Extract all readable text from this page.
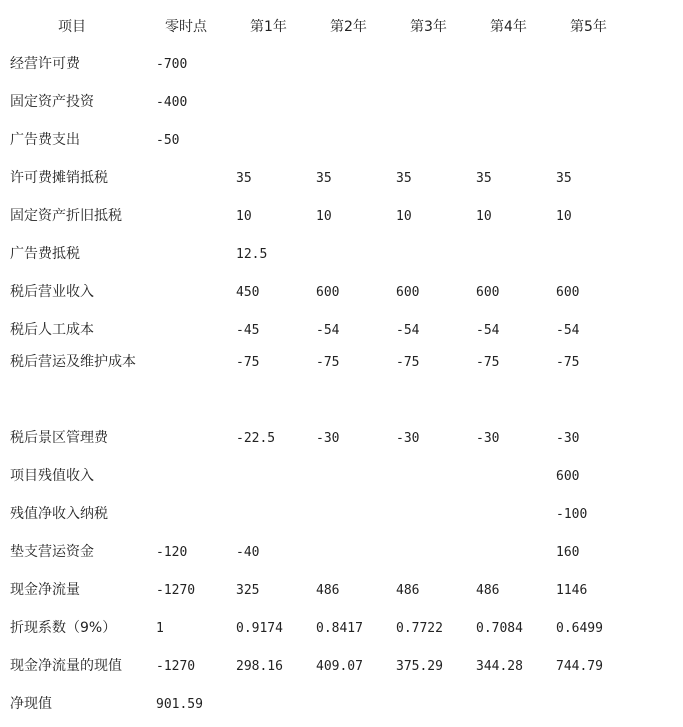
项目	零时点	第1年	第2年	第3年	第4年	第5年
经营许可费	-700					
固定资产投资	-400					
广告费支出	-50					
许可费摊销抵税		35	35	35	35	35
固定资产折旧抵税		10	10	10	10	10
广告费抵税		12.5				
税后营业收入		450	600	600	600	600
税后人工成本		-45	-54	-54	-54	-54
税后营运及维护成本		-75	-75	-75	-75	-75
税后景区管理费		-22.5	-30	-30	-30	-30
项目残值收入						600
残值净收入纳税						-100
垫支营运资金	-120	-40				160
现金净流量	-1270	325	486	486	486	1146
折现系数（9%）	1	0.9174	0.8417	0.7722	0.7084	0.6499
现金净流量的现值	-1270	298.16	409.07	375.29	344.28	744.79
净现值	901.59					
